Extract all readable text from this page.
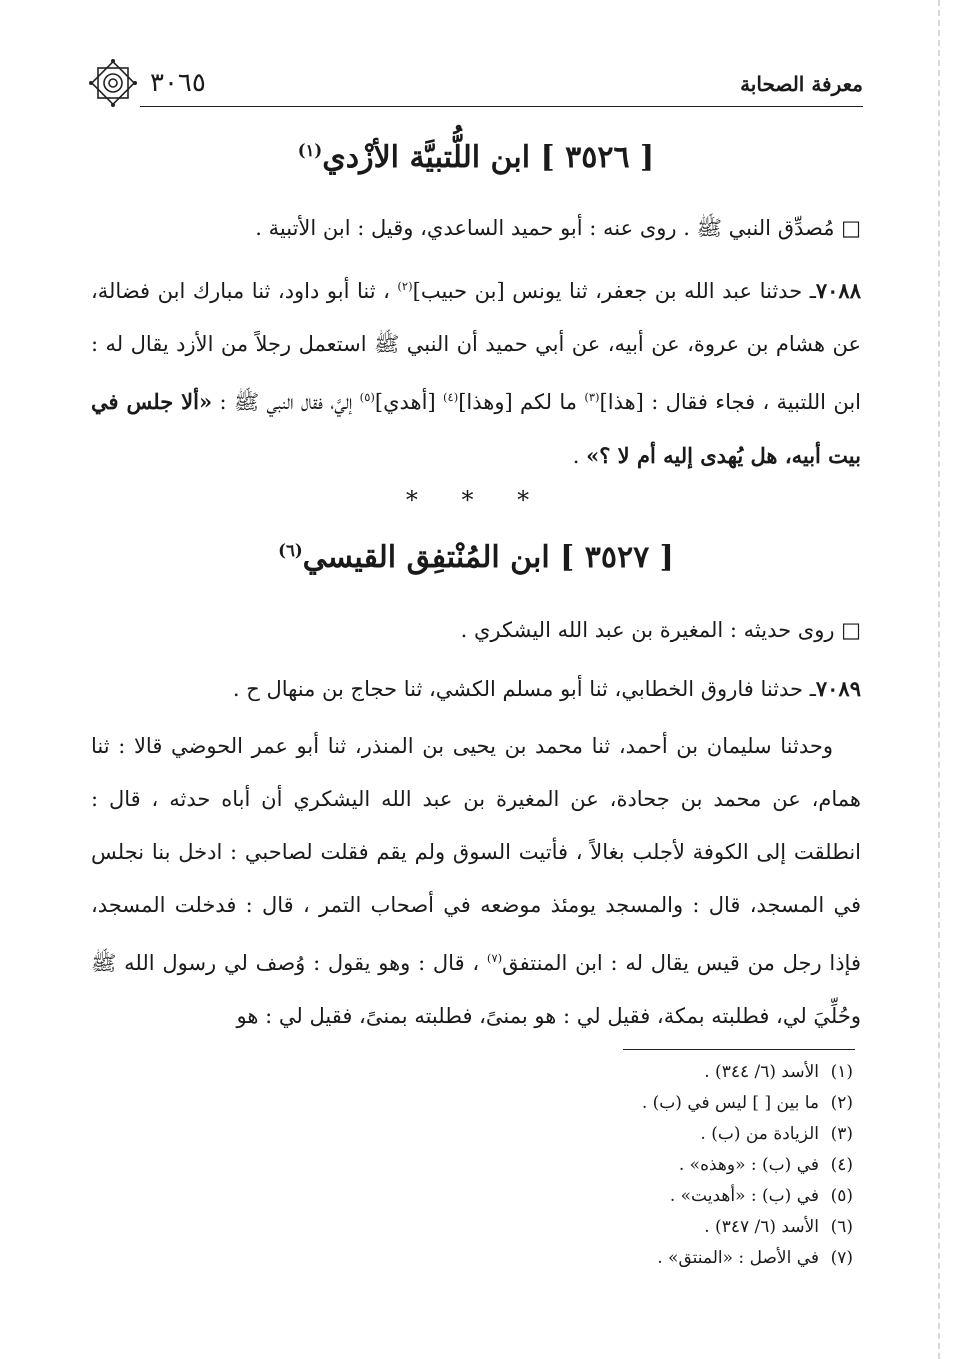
معرفة الصحابة
٣٠٦٥
[ ٣٥٢٦ ] ابن اللُّتبيَّة الأزْدي$^{(١)}$
□ مُصدِّق النبي ﷺ . روى عنه : أبو حميد الساعدي، وقيل : ابن الأتبية .
٧٠٨٨ـ حدثنا عبد الله بن جعفر، ثنا يونس [بن حبيب]$^{(٢)}$ ، ثنا أبو داود، ثنا مبارك ابن فضالة، عن هشام بن عروة، عن أبيه، عن أبي حميد أن النبي ﷺ استعمل رجلاً من الأزد يقال له : ابن اللتبية ، فجاء فقال : [هذا]$^{(٣)}$ ما لكم [وهذا]$^{(٤)}$ [أهدي]$^{(٥)}$ إليَّ، فقال النبي ﷺ : «ألا جلس في بيت أبيه، هل يُهدى إليه أم لا ؟» .
* * *
[ ٣٥٢٧ ] ابن المُنْتفِق القيسي$^{(٦)}$
□ روى حديثه : المغيرة بن عبد الله اليشكري .
٧٠٨٩ـ حدثنا فاروق الخطابي، ثنا أبو مسلم الكشي، ثنا حجاج بن منهال ح .
وحدثنا سليمان بن أحمد، ثنا محمد بن يحيى بن المنذر، ثنا أبو عمر الحوضي قالا : ثنا همام، عن محمد بن جحادة، عن المغيرة بن عبد الله اليشكري أن أباه حدثه ، قال : انطلقت إلى الكوفة لأجلب بغالاً ، فأتيت السوق ولم يقم فقلت لصاحبي : ادخل بنا نجلس في المسجد، قال : والمسجد يومئذ موضعه في أصحاب التمر ، قال : فدخلت المسجد، فإذا رجل من قيس يقال له : ابن المنتفق$^{(٧)}$ ، قال : وهو يقول : وُصف لي رسول الله ﷺ وحُلِّيَ لي، فطلبته بمكة، فقيل لي : هو بمنىً، فطلبته بمنىً، فقيل لي : هو
(١)الأسد (٦/ ٣٤٤) .
(٢)ما بين [ ] ليس في (ب) .
(٣)الزيادة من (ب) .
(٤)في (ب) : «وهذه» .
(٥)في (ب) : «أهديت» .
(٦)الأسد (٦/ ٣٤٧) .
(٧)في الأصل : «المنتق» .
